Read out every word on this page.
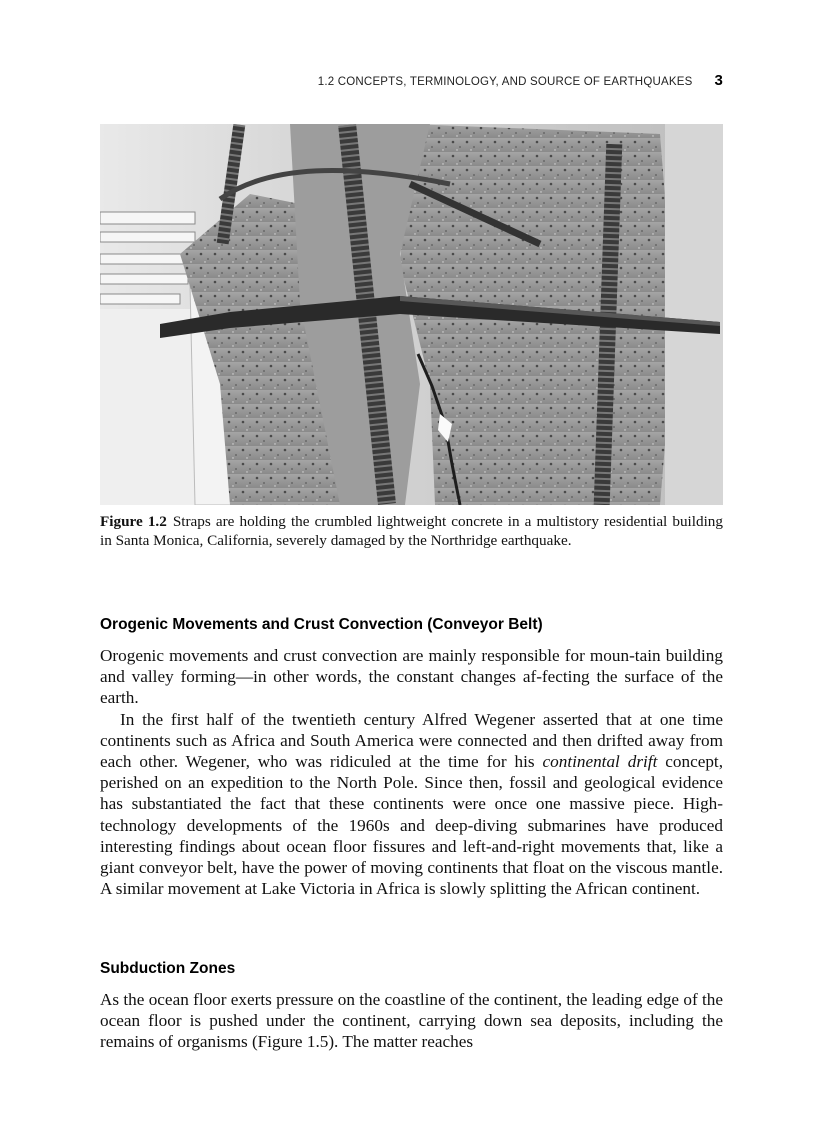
1.2 CONCEPTS, TERMINOLOGY, AND SOURCE OF EARTHQUAKES 3

Figure 1.2 Straps are holding the crumbled lightweight concrete in a multistory residential building in Santa Monica, California, severely damaged by the Northridge earthquake.

Orogenic Movements and Crust Convection (Conveyor Belt)

Orogenic movements and crust convection are mainly responsible for moun-tain building and valley forming—in other words, the constant changes af-fecting the surface of the earth.

In the first half of the twentieth century Alfred Wegener asserted that at one time continents such as Africa and South America were connected and then drifted away from each other. Wegener, who was ridiculed at the time for his continental drift concept, perished on an expedition to the North Pole. Since then, fossil and geological evidence has substantiated the fact that these continents were once one massive piece. High-technology developments of the 1960s and deep-diving submarines have produced interesting findings about ocean floor fissures and left-and-right movements that, like a giant conveyor belt, have the power of moving continents that float on the viscous mantle. A similar movement at Lake Victoria in Africa is slowly splitting the African continent.

Subduction Zones

As the ocean floor exerts pressure on the coastline of the continent, the leading edge of the ocean floor is pushed under the continent, carrying down sea deposits, including the remains of organisms (Figure 1.5). The matter reaches
